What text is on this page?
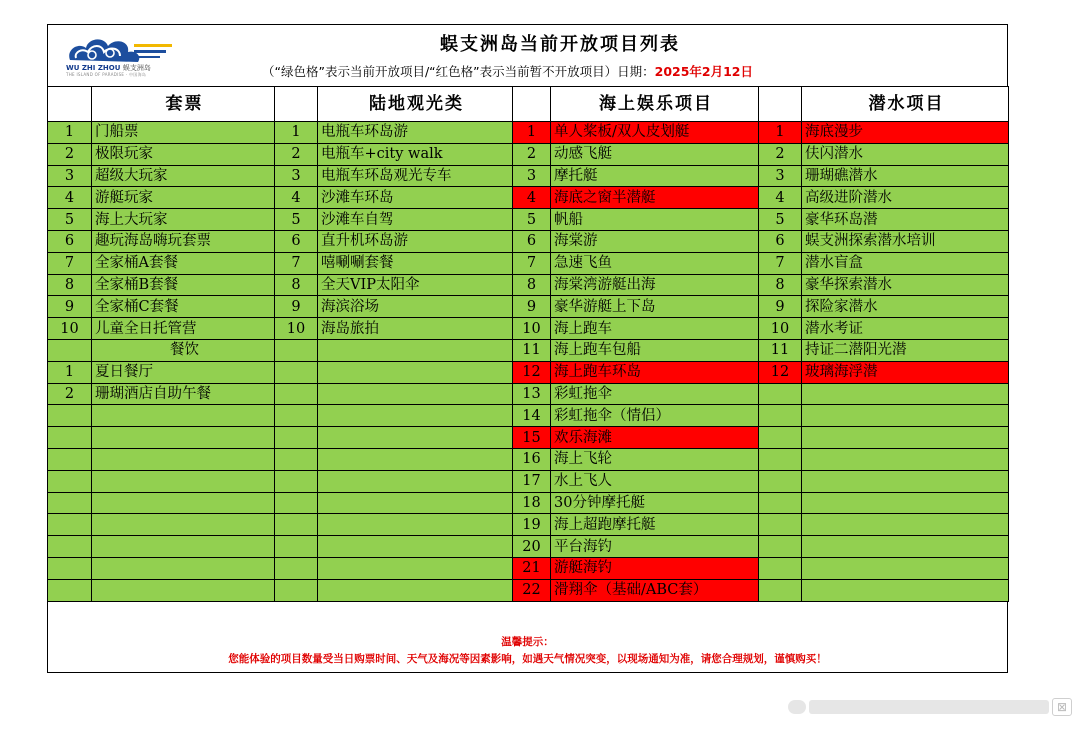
WU ZHI ZHOU 蜈支洲岛
THE ISLAND OF PARADISE · 中国海岛
蜈支洲岛当前开放项目列表
（“绿色格”表示当前开放项目/“红色格”表示当前暂不开放项目）日期：2025年2月12日
	套票		陆地观光类		海上娱乐项目		潜水项目
1	门船票	1	电瓶车环岛游	1	单人桨板/双人皮划艇	1	海底漫步
2	极限玩家	2	电瓶车+city walk	2	动感飞艇	2	伕闪潜水
3	超级大玩家	3	电瓶车环岛观光专车	3	摩托艇	3	珊瑚礁潜水
4	游艇玩家	4	沙滩车环岛	4	海底之窗半潜艇	4	高级进阶潜水
5	海上大玩家	5	沙滩车自驾	5	帆船	5	豪华环岛潜
6	趣玩海岛嗨玩套票	6	直升机环岛游	6	海棠游	6	蜈支洲探索潜水培训
7	全家桶A套餐	7	嘻唰唰套餐	7	急速飞鱼	7	潜水盲盒
8	全家桶B套餐	8	全天VIP太阳伞	8	海棠湾游艇出海	8	豪华探索潜水
9	全家桶C套餐	9	海滨浴场	9	豪华游艇上下岛	9	探险家潜水
10	儿童全日托管营	10	海岛旅拍	10	海上跑车	10	潜水考证
	餐饮			11	海上跑车包船	11	持证二潜阳光潜
1	夏日餐厅			12	海上跑车环岛	12	玻璃海浮潜
2	珊瑚酒店自助午餐			13	彩虹拖伞		
				14	彩虹拖伞（情侣）		
				15	欢乐海滩		
				16	海上飞轮		
				17	水上飞人		
				18	30分钟摩托艇		
				19	海上超跑摩托艇		
				20	平台海钓		
				21	游艇海钓		
				22	滑翔伞（基础/ABC套）		
温馨提示：
您能体验的项目数量受当日购票时间、天气及海况等因素影响，如遇天气情况突变，以现场通知为准，请您合理规划，谨慎购买！
⊠
